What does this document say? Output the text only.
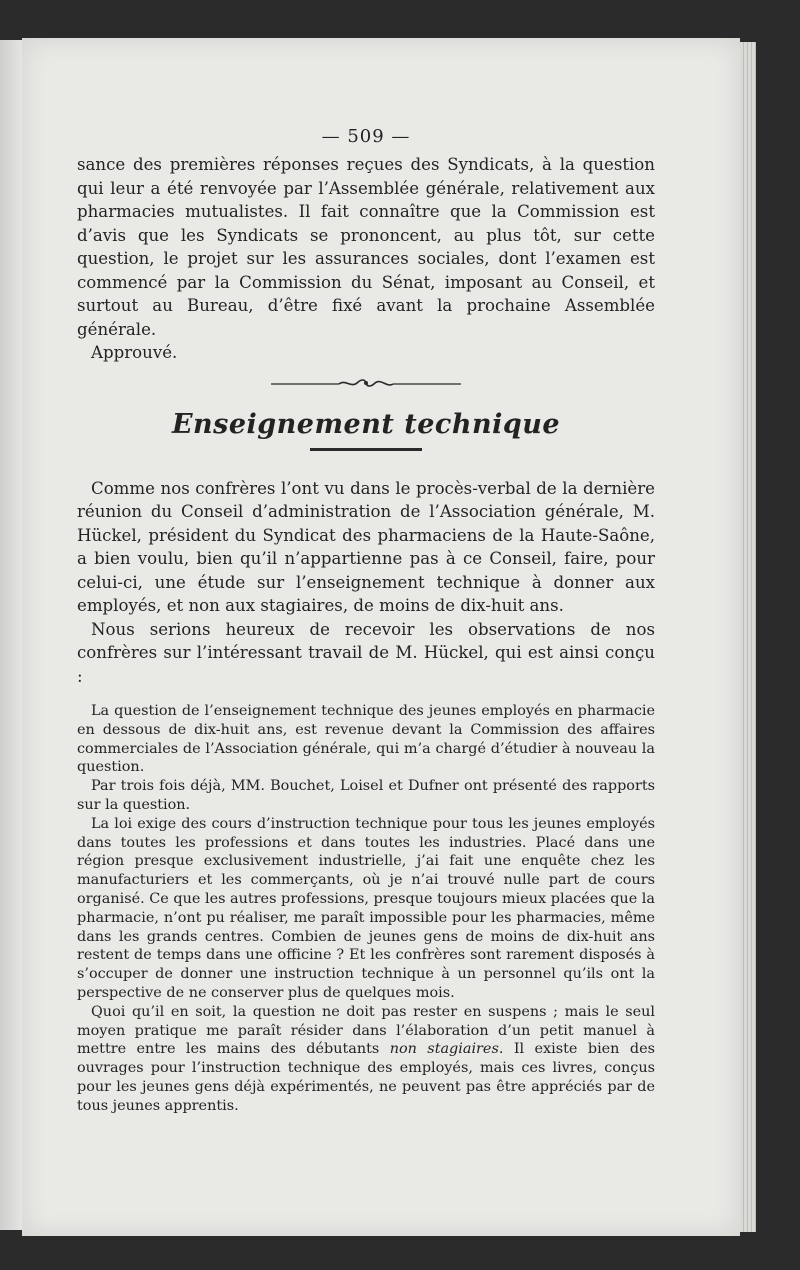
— 509 —

sance des premières réponses reçues des Syndicats, à la question qui leur a été renvoyée par l’Assemblée générale, relativement aux pharmacies mutualistes. Il fait connaître que la Commission est d’avis que les Syndicats se prononcent, au plus tôt, sur cette question, le projet sur les assurances sociales, dont l’examen est commencé par la Commission du Sénat, imposant au Conseil, et surtout au Bureau, d’être fixé avant la prochaine Assemblée générale.

Approuvé.

Enseignement technique

Comme nos confrères l’ont vu dans le procès-verbal de la dernière réunion du Conseil d’administration de l’Association générale, M. Hückel, président du Syndicat des pharmaciens de la Haute-Saône, a bien voulu, bien qu’il n’appartienne pas à ce Conseil, faire, pour celui-ci, une étude sur l’enseignement technique à donner aux employés, et non aux stagiaires, de moins de dix-huit ans.

Nous serions heureux de recevoir les observations de nos confrères sur l’intéressant travail de M. Hückel, qui est ainsi conçu :

La question de l’enseignement technique des jeunes employés en pharmacie en dessous de dix-huit ans, est revenue devant la Commission des affaires commerciales de l’Association générale, qui m’a chargé d’étudier à nouveau la question.

Par trois fois déjà, MM. Bouchet, Loisel et Dufner ont présenté des rapports sur la question.

La loi exige des cours d’instruction technique pour tous les jeunes employés dans toutes les professions et dans toutes les industries. Placé dans une région presque exclusivement industrielle, j’ai fait une enquête chez les manufacturiers et les commerçants, où je n’ai trouvé nulle part de cours organisé. Ce que les autres professions, presque toujours mieux placées que la pharmacie, n’ont pu réaliser, me paraît impossible pour les pharmacies, même dans les grands centres. Combien de jeunes gens de moins de dix-huit ans restent de temps dans une officine ? Et les confrères sont rarement disposés à s’occuper de donner une instruction technique à un personnel qu’ils ont la perspective de ne conserver plus de quelques mois.

Quoi qu’il en soit, la question ne doit pas rester en suspens ; mais le seul moyen pratique me paraît résider dans l’élaboration d’un petit manuel à mettre entre les mains des débutants non stagiaires. Il existe bien des ouvrages pour l’instruction technique des employés, mais ces livres, conçus pour les jeunes gens déjà expérimentés, ne peuvent pas être appréciés par de tous jeunes apprentis.
